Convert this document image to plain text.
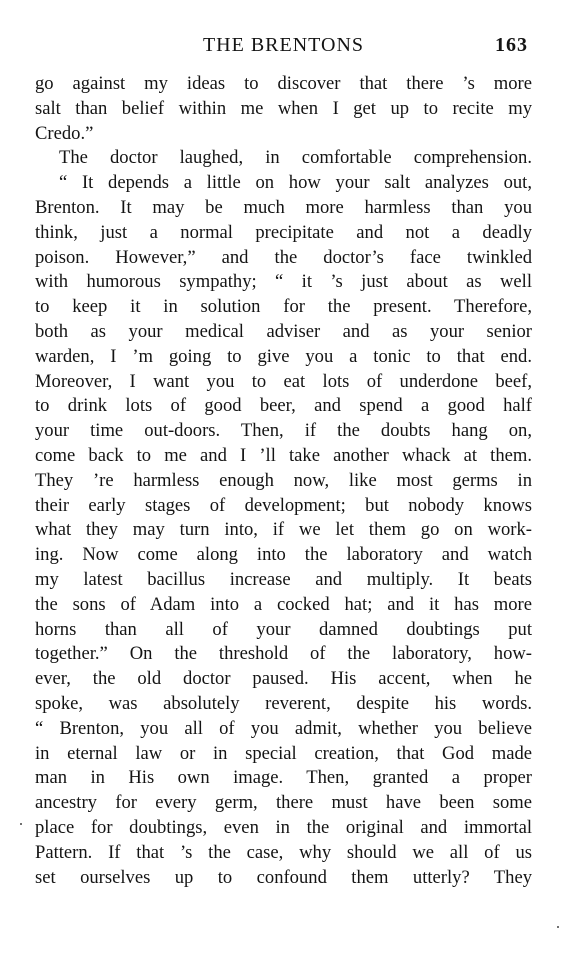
THE BRENTONS	163
go against my ideas to discover that there ’s more
salt than belief within me when I get up to recite my
Credo.”
The doctor laughed, in comfortable comprehension.
“ It depends a little on how your salt analyzes out,
Brenton. It may be much more harmless than you
think, just a normal precipitate and not a deadly
poison. However,” and the doctor’s face twinkled
with humorous sympathy; “ it ’s just about as well
to keep it in solution for the present. Therefore,
both as your medical adviser and as your senior
warden, I ’m going to give you a tonic to that end.
Moreover, I want you to eat lots of underdone beef,
to drink lots of good beer, and spend a good half
your time out-doors. Then, if the doubts hang on,
come back to me and I ’ll take another whack at them.
They ’re harmless enough now, like most germs in
their early stages of development; but nobody knows
what they may turn into, if we let them go on work-
ing. Now come along into the laboratory and watch
my latest bacillus increase and multiply. It beats
the sons of Adam into a cocked hat; and it has more
horns than all of your damned doubtings put
together.” On the threshold of the laboratory, how-
ever, the old doctor paused. His accent, when he
spoke, was absolutely reverent, despite his words.
“ Brenton, you all of you admit, whether you believe
in eternal law or in special creation, that God made
man in His own image. Then, granted a proper
ancestry for every germ, there must have been some
place for doubtings, even in the original and immortal
Pattern. If that ’s the case, why should we all of us
set ourselves up to confound them utterly? They
